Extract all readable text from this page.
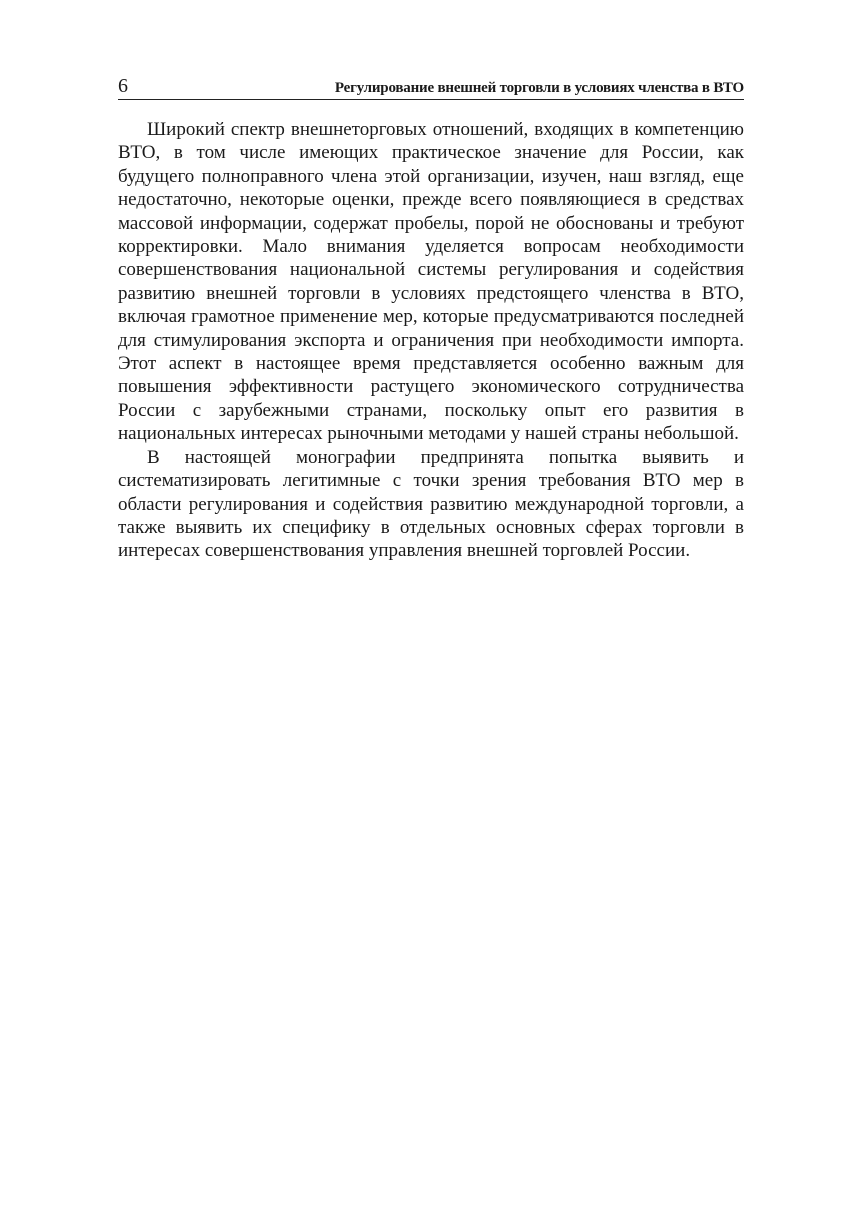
6	Регулирование внешней торговли в условиях членства в ВТО

Широкий спектр внешнеторговых отношений, входящих в компетенцию ВТО, в том числе имеющих практическое значение для России, как будущего полноправного члена этой организации, изучен, наш взгляд, еще недостаточно, некоторые оценки, прежде всего появляющиеся в средствах массовой информации, содержат пробелы, порой не обоснованы и требуют корректировки. Мало внимания уделяется вопросам необходимости совершенствования национальной системы регулирования и содействия развитию внешней торговли в условиях предстоящего членства в ВТО, включая грамотное применение мер, которые предусматриваются последней для стимулирования экспорта и ограничения при необходимости импорта. Этот аспект в настоящее время представляется особенно важным для повышения эффективности растущего экономического сотрудничества России с зарубежными странами, поскольку опыт его развития в национальных интересах рыночными методами у нашей страны небольшой.

В настоящей монографии предпринята попытка выявить и систематизировать легитимные с точки зрения требования ВТО мер в области регулирования и содействия развитию международной торговли, а также выявить их специфику в отдельных основных сферах торговли в интересах совершенствования управления внешней торговлей России.
